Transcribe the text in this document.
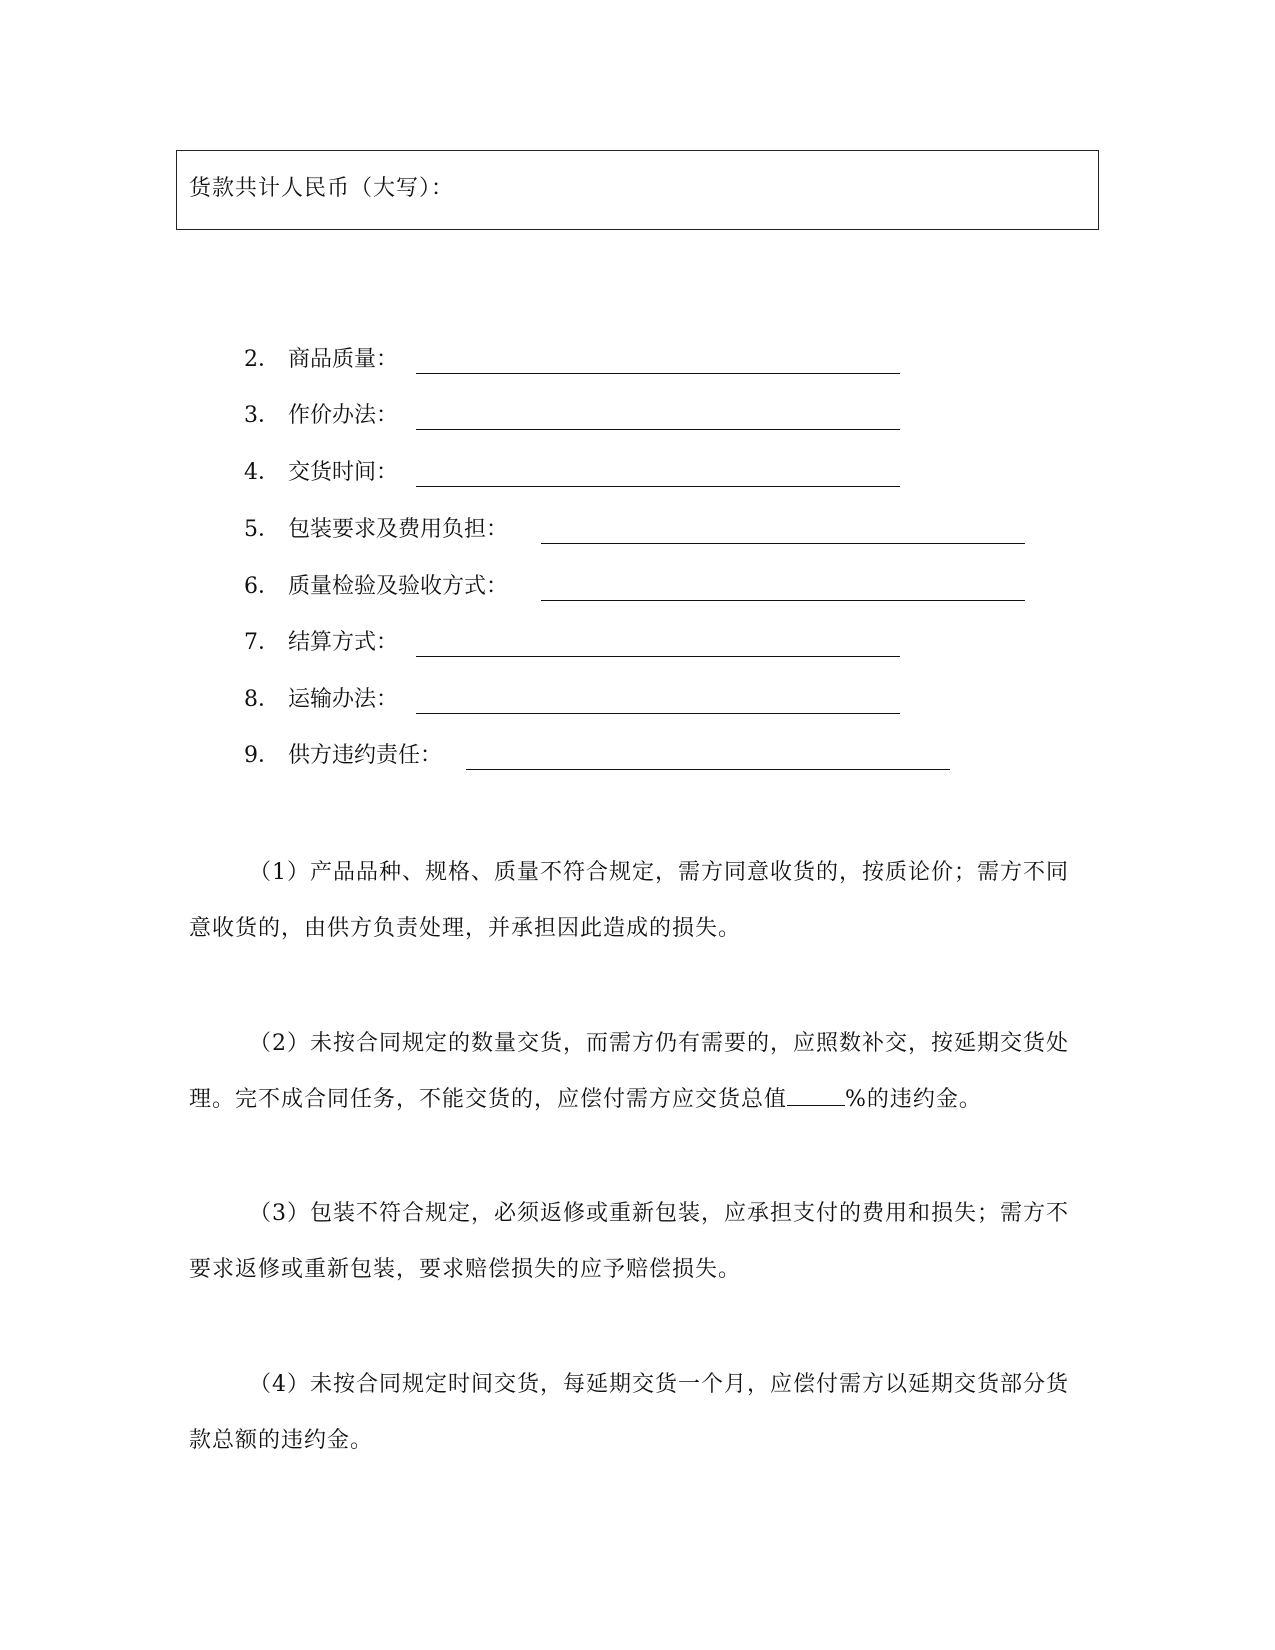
货款共计人民币（大写）：
2． 商品质量：
3． 作价办法：
4． 交货时间：
5． 包装要求及费用负担：
6． 质量检验及验收方式：
7． 结算方式：
8． 运输办法：
9． 供方违约责任：

（1）产品品种、规格、质量不符合规定，需方同意收货的，按质论价；需方不同意收货的，由供方负责处理，并承担因此造成的损失。

（2）未按合同规定的数量交货，而需方仍有需要的，应照数补交，按延期交货处理。完不成合同任务，不能交货的，应偿付需方应交货总值	%的违约金。

（3）包装不符合规定，必须返修或重新包装，应承担支付的费用和损失；需方不要求返修或重新包装，要求赔偿损失的应予赔偿损失。

（4）未按合同规定时间交货，每延期交货一个月，应偿付需方以延期交货部分货款总额的违约金。
